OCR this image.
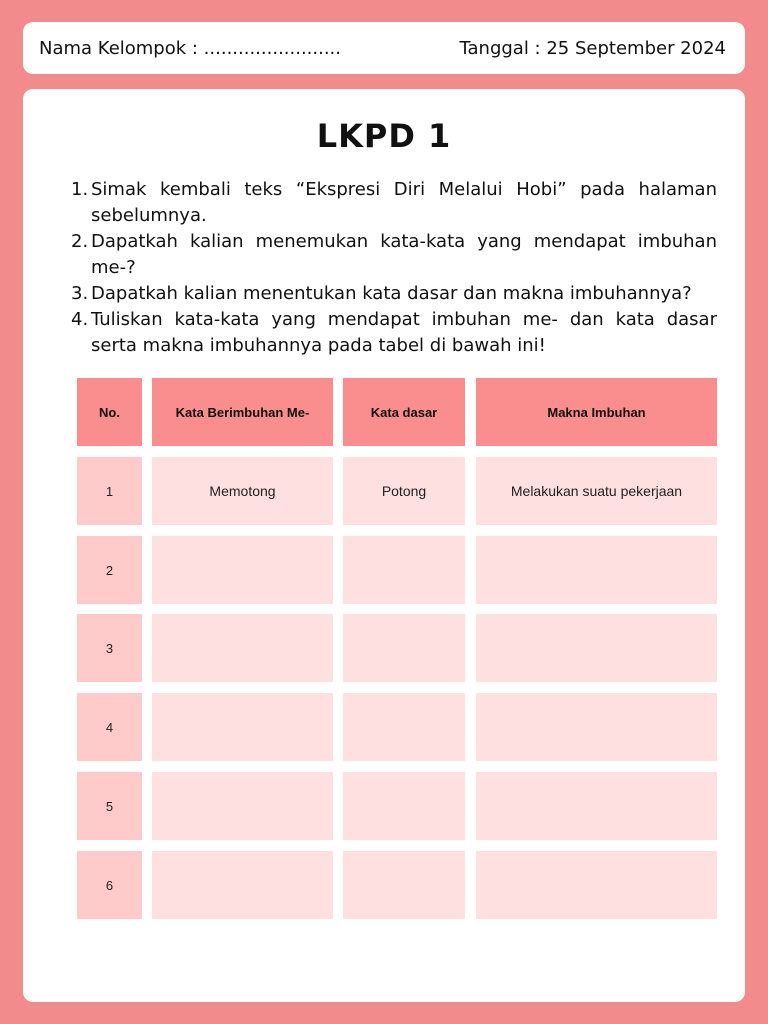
Nama Kelompok : ........................	Tanggal : 25 September 2024
LKPD 1
1. Simak kembali teks “Ekspresi Diri Melalui Hobi” pada halaman sebelumnya.
2. Dapatkah kalian menemukan kata-kata yang mendapat imbuhan me-?
3. Dapatkah kalian menentukan kata dasar dan makna imbuhannya?
4. Tuliskan kata-kata yang mendapat imbuhan me- dan kata dasar serta makna imbuhannya pada tabel di bawah ini!
No.	Kata Berimbuhan Me-	Kata dasar	Makna Imbuhan
1	Memotong	Potong	Melakukan suatu pekerjaan
2
3
4
5
6
